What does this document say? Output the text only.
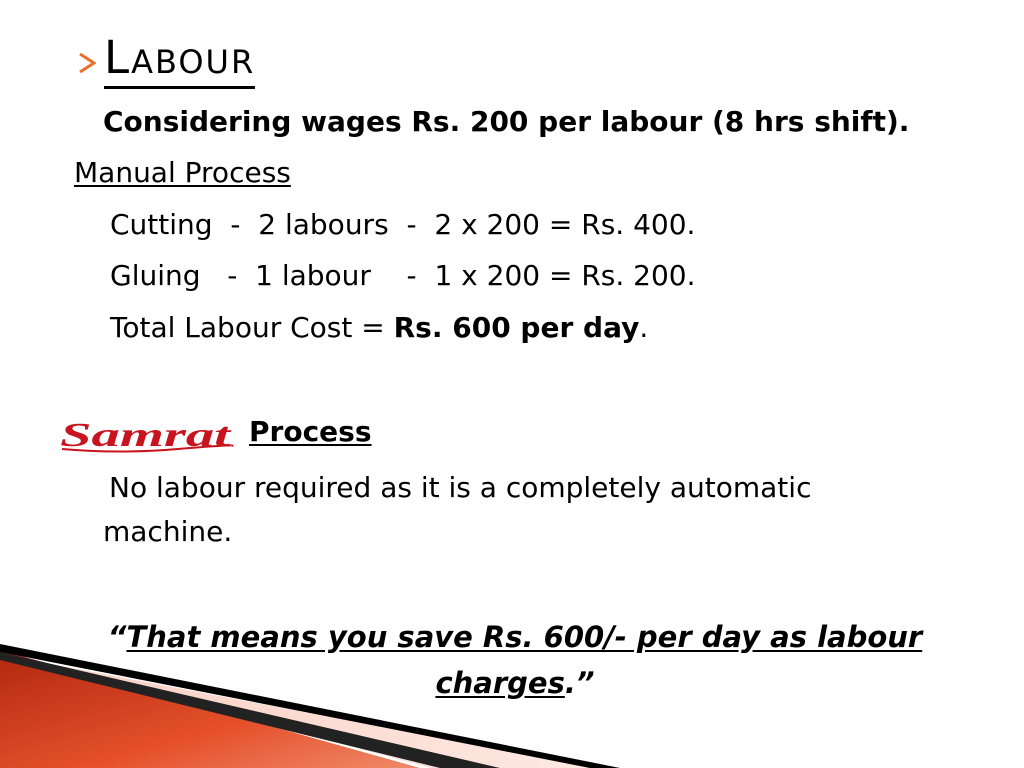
Labour
Considering wages Rs. 200 per labour (8 hrs shift).
Manual Process
Cutting  -  2 labours  -  2 x 200 = Rs. 400.
Gluing   -  1 labour    -  1 x 200 = Rs. 200.
Total Labour Cost = Rs. 600 per day.
Samrat Process
No labour required as it is a completely automatic machine.
“That means you save Rs. 600/- per day as labour charges.”
